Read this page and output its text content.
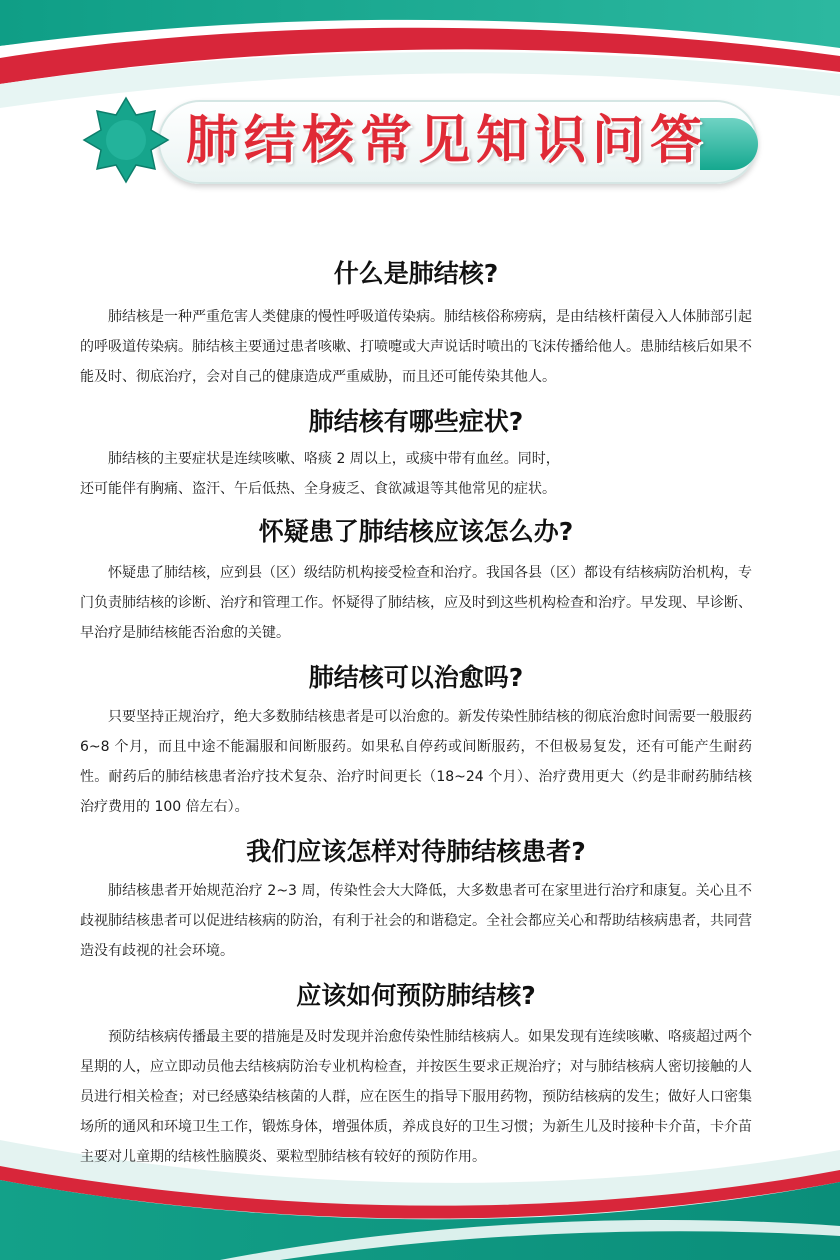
肺结核常见知识问答
什么是肺结核?

肺结核是一种严重危害人类健康的慢性呼吸道传染病。肺结核俗称痨病，是由结核杆菌侵入人体肺部引起的呼吸道传染病。肺结核主要通过患者咳嗽、打喷嚏或大声说话时喷出的飞沫传播给他人。患肺结核后如果不能及时、彻底治疗，会对自己的健康造成严重威胁，而且还可能传染其他人。

肺结核有哪些症状?

肺结核的主要症状是连续咳嗽、咯痰 2 周以上，或痰中带有血丝。同时，

还可能伴有胸痛、盗汗、午后低热、全身疲乏、食欲减退等其他常见的症状。

怀疑患了肺结核应该怎么办?

怀疑患了肺结核，应到县（区）级结防机构接受检查和治疗。我国各县（区）都设有结核病防治机构，专门负责肺结核的诊断、治疗和管理工作。怀疑得了肺结核，应及时到这些机构检查和治疗。早发现、早诊断、早治疗是肺结核能否治愈的关键。

肺结核可以治愈吗?

只要坚持正规治疗，绝大多数肺结核患者是可以治愈的。新发传染性肺结核的彻底治愈时间需要一般服药 6~8 个月，而且中途不能漏服和间断服药。如果私自停药或间断服药，不但极易复发，还有可能产生耐药性。耐药后的肺结核患者治疗技术复杂、治疗时间更长（18~24 个月）、治疗费用更大（约是非耐药肺结核治疗费用的 100 倍左右）。

我们应该怎样对待肺结核患者?

肺结核患者开始规范治疗 2~3 周，传染性会大大降低，大多数患者可在家里进行治疗和康复。关心且不歧视肺结核患者可以促进结核病的防治，有利于社会的和谐稳定。全社会都应关心和帮助结核病患者，共同营造没有歧视的社会环境。

应该如何预防肺结核?

预防结核病传播最主要的措施是及时发现并治愈传染性肺结核病人。如果发现有连续咳嗽、咯痰超过两个星期的人，应立即动员他去结核病防治专业机构检查，并按医生要求正规治疗；对与肺结核病人密切接触的人员进行相关检查；对已经感染结核菌的人群，应在医生的指导下服用药物，预防结核病的发生；做好人口密集场所的通风和环境卫生工作，锻炼身体，增强体质，养成良好的卫生习惯；为新生儿及时接种卡介苗，卡介苗主要对儿童期的结核性脑膜炎、粟粒型肺结核有较好的预防作用。
